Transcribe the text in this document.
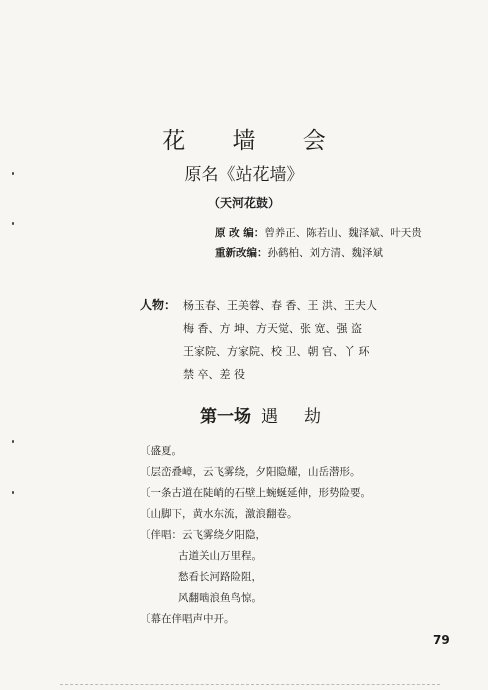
花 墙 会
原名《站花墙》
（天河花鼓）
原 改 编：曾养正、陈若山、魏泽斌、叶天贵
重新改编：孙鹤柏、刘方清、魏泽斌
人物： 杨玉春、王美蓉、春 香、王 洪、王夫人
梅 香、方 坤、方天觉、张 宽、强 盗
王家院、方家院、校 卫、朝 官、丫 环
禁 卒、差 役
第一场 遇劫
〔盛夏。
〔层峦叠嶂，云飞雾绕，夕阳隐耀，山岳潜形。
〔一条古道在陡峭的石壁上蜿蜒延伸，形势险要。
〔山脚下，黄水东流，激浪翻卷。
〔伴唱：云飞雾绕夕阳隐，
古道关山万里程。
愁看长河路险阻，
风翻啮浪鱼鸟惊。
〔幕在伴唱声中开。
79
